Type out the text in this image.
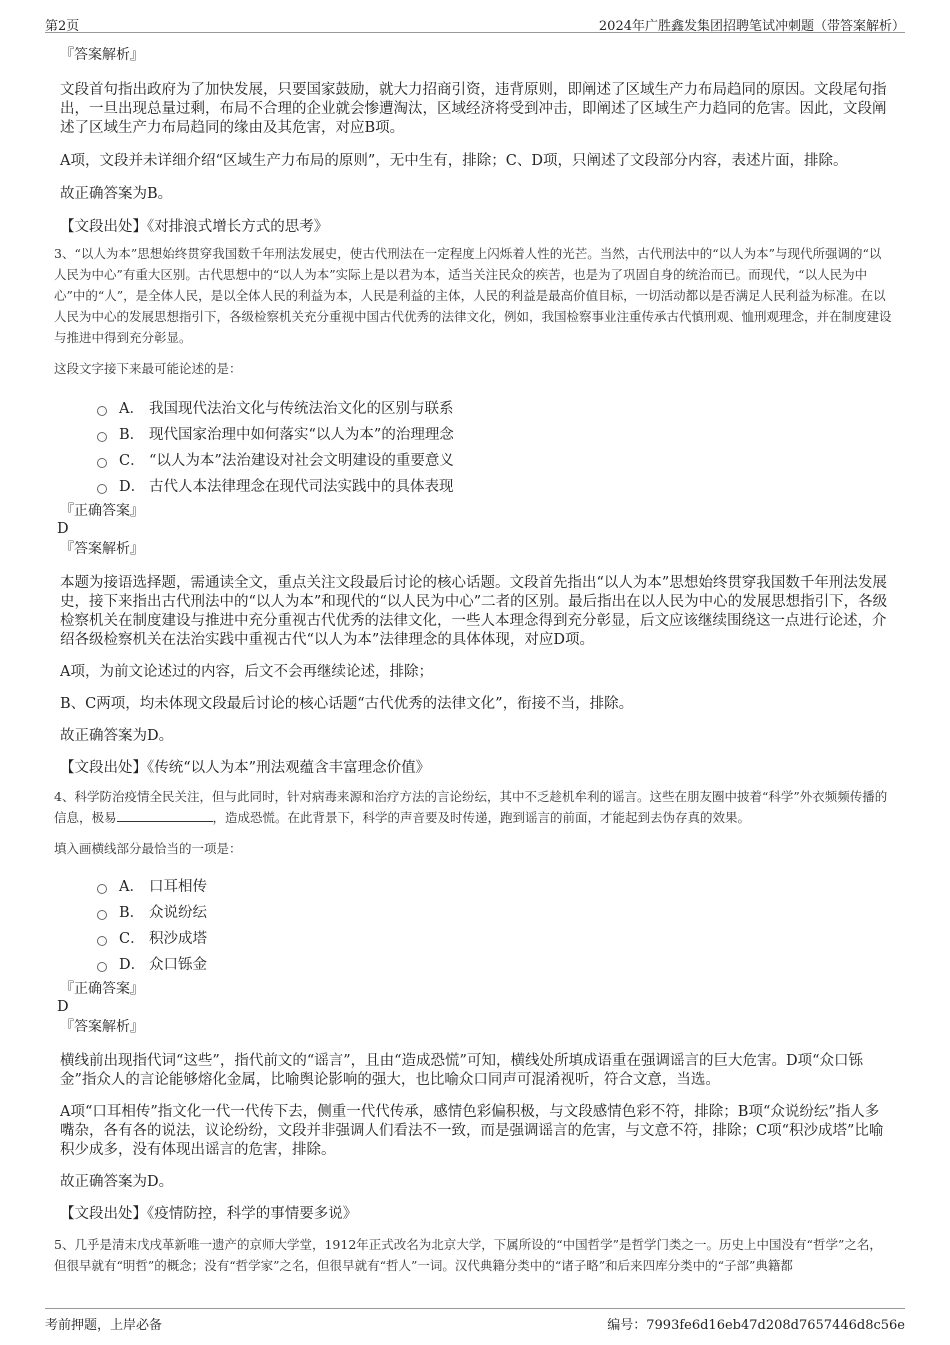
第2页	2024年广胜鑫发集团招聘笔试冲刺题（带答案解析）
『答案解析』
文段首句指出政府为了加快发展，只要国家鼓励，就大力招商引资，违背原则，即阐述了区域生产力布局趋同的原因。文段尾句指出，一旦出现总量过剩，布局不合理的企业就会惨遭淘汰，区域经济将受到冲击，即阐述了区域生产力趋同的危害。因此，文段阐述了区域生产力布局趋同的缘由及其危害，对应B项。
A项，文段并未详细介绍“区域生产力布局的原则”，无中生有，排除；C、D项，只阐述了文段部分内容，表述片面，排除。
故正确答案为B。
【文段出处】《对排浪式增长方式的思考》
3、“以人为本”思想始终贯穿我国数千年刑法发展史，使古代刑法在一定程度上闪烁着人性的光芒。当然，古代刑法中的“以人为本”与现代所强调的“以人民为中心”有重大区别。古代思想中的“以人为本”实际上是以君为本，适当关注民众的疾苦，也是为了巩固自身的统治而已。而现代，“以人民为中心”中的“人”，是全体人民，是以全体人民的利益为本，人民是利益的主体，人民的利益是最高价值目标，一切活动都以是否满足人民利益为标准。在以人民为中心的发展思想指引下，各级检察机关充分重视中国古代优秀的法律文化，例如，我国检察事业注重传承古代慎刑观、恤刑观理念，并在制度建设与推进中得到充分彰显。
这段文字接下来最可能论述的是：
A． 我国现代法治文化与传统法治文化的区别与联系
B． 现代国家治理中如何落实“以人为本”的治理理念
C． “以人为本”法治建设对社会文明建设的重要意义
D． 古代人本法律理念在现代司法实践中的具体表现
『正确答案』
D
『答案解析』
本题为接语选择题，需通读全文，重点关注文段最后讨论的核心话题。文段首先指出“以人为本”思想始终贯穿我国数千年刑法发展史，接下来指出古代刑法中的“以人为本”和现代的“以人民为中心”二者的区别。最后指出在以人民为中心的发展思想指引下，各级检察机关在制度建设与推进中充分重视古代优秀的法律文化，一些人本理念得到充分彰显，后文应该继续围绕这一点进行论述，介绍各级检察机关在法治实践中重视古代“以人为本”法律理念的具体体现，对应D项。
A项，为前文论述过的内容，后文不会再继续论述，排除；
B、C两项，均未体现文段最后讨论的核心话题“古代优秀的法律文化”，衔接不当，排除。
故正确答案为D。
【文段出处】《传统“以人为本”刑法观蕴含丰富理念价值》
4、科学防治疫情全民关注，但与此同时，针对病毒来源和治疗方法的言论纷纭，其中不乏趁机牟利的谣言。这些在朋友圈中披着“科学”外衣频频传播的信息，极易	，造成恐慌。在此背景下，科学的声音要及时传递，跑到谣言的前面，才能起到去伪存真的效果。
填入画横线部分最恰当的一项是：
A． 口耳相传
B． 众说纷纭
C． 积沙成塔
D． 众口铄金
『正确答案』
D
『答案解析』
横线前出现指代词“这些”，指代前文的“谣言”，且由“造成恐慌”可知，横线处所填成语重在强调谣言的巨大危害。D项“众口铄金”指众人的言论能够熔化金属，比喻舆论影响的强大，也比喻众口同声可混淆视听，符合文意，当选。
A项“口耳相传”指文化一代一代传下去，侧重一代代传承，感情色彩偏积极，与文段感情色彩不符，排除；B项“众说纷纭”指人多嘴杂，各有各的说法，议论纷纷，文段并非强调人们看法不一致，而是强调谣言的危害，与文意不符，排除；C项“积沙成塔”比喻积少成多，没有体现出谣言的危害，排除。
故正确答案为D。
【文段出处】《疫情防控，科学的事情要多说》
5、几乎是清末戊戌革新唯一遗产的京师大学堂，1912年正式改名为北京大学，下属所设的“中国哲学”是哲学门类之一。历史上中国没有“哲学”之名，但很早就有“明哲”的概念；没有“哲学家”之名，但很早就有“哲人”一词。汉代典籍分类中的“诸子略”和后来四库分类中的“子部”典籍都
考前押题，上岸必备	编号：7993fe6d16eb47d208d7657446d8c56e
